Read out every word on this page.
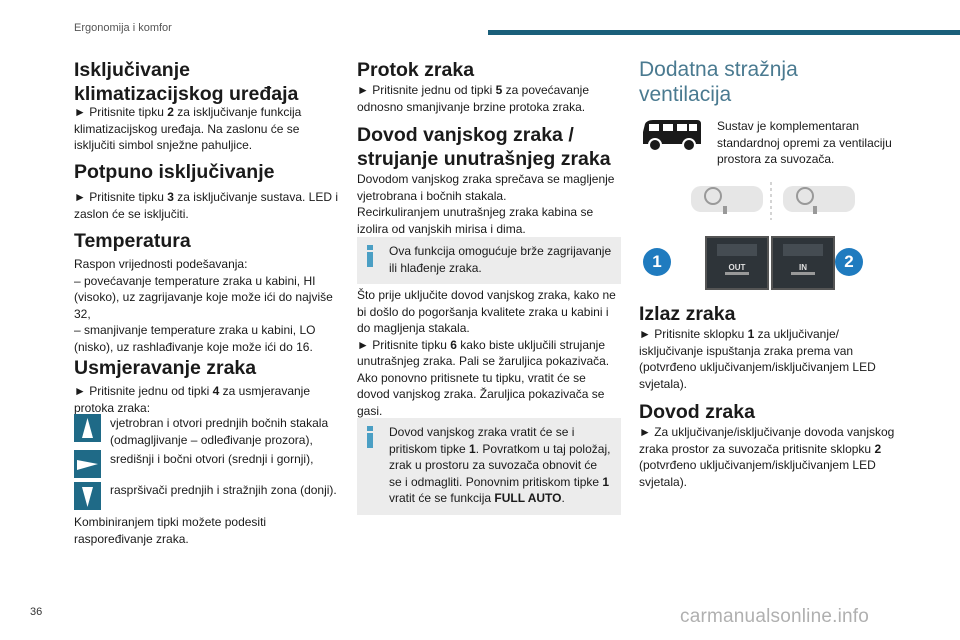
Ergonomija i komfor
Isključivanje klimatizacijskog uređaja

► Pritisnite tipku 2 za isključivanje funkcija klimatizacijskog uređaja. Na zaslonu će se isključiti simbol snježne pahuljice.

Potpuno isključivanje

► Pritisnite tipku 3 za isključivanje sustava. LED i zaslon će se isključiti.

Temperatura

Raspon vrijednosti podešavanja:

– povećavanje temperature zraka u kabini, HI (visoko), uz zagrijavanje koje može ići do najviše 32,

– smanjivanje temperature zraka u kabini, LO (nisko), uz rashlađivanje koje može ići do 16.

Usmjeravanje zraka

► Pritisnite jednu od tipki 4 za usmjeravanje protoka zraka:

vjetrobran i otvori prednjih bočnih stakala (odmagljivanje – odleđivanje prozora),
središnji i bočni otvori (srednji i gornji),
raspršivači prednjih i stražnjih zona (donji).

Kombiniranjem tipki možete podesiti raspoređivanje zraka.

Protok zraka

► Pritisnite jednu od tipki 5 za povećavanje odnosno smanjivanje brzine protoka zraka.

Dovod vanjskog zraka / strujanje unutrašnjeg zraka

Dovodom vanjskog zraka sprečava se magljenje vjetrobrana i bočnih stakala.

Recirkuliranjem unutrašnjeg zraka kabina se izolira od vanjskih mirisa i dima.

Ova funkcija omogućuje brže zagrijavanje ili hlađenje zraka.

Što prije uključite dovod vanjskog zraka, kako ne bi došlo do pogoršanja kvalitete zraka u kabini i do magljenja stakala.

► Pritisnite tipku 6 kako biste uključili strujanje unutrašnjeg zraka. Pali se žaruljica pokazivača. Ako ponovno pritisnete tu tipku, vratit će se dovod vanjskog zraka. Žaruljica pokazivača se gasi.

Dovod vanjskog zraka vratit će se i pritiskom tipke 1. Povratkom u taj položaj, zrak u prostoru za suvozača obnovit će se i odmagliti. Ponovnim pritiskom tipke 1 vratit će se funkcija FULL AUTO.

Dodatna stražnja ventilacija

Sustav je komplementaran standardnoj opremi za ventilaciju prostora za suvozača.

1	OUT	IN	2
Izlaz zraka

► Pritisnite sklopku 1 za uključivanje/ isključivanje ispuštanja zraka prema van (potvrđeno uključivanjem/isključivanjem LED svjetala).

Dovod zraka

► Za uključivanje/isključivanje dovoda vanjskog zraka prostor za suvozača pritisnite sklopku 2 (potvrđeno uključivanjem/isključivanjem LED svjetala).

36	carmanualsonline.info
